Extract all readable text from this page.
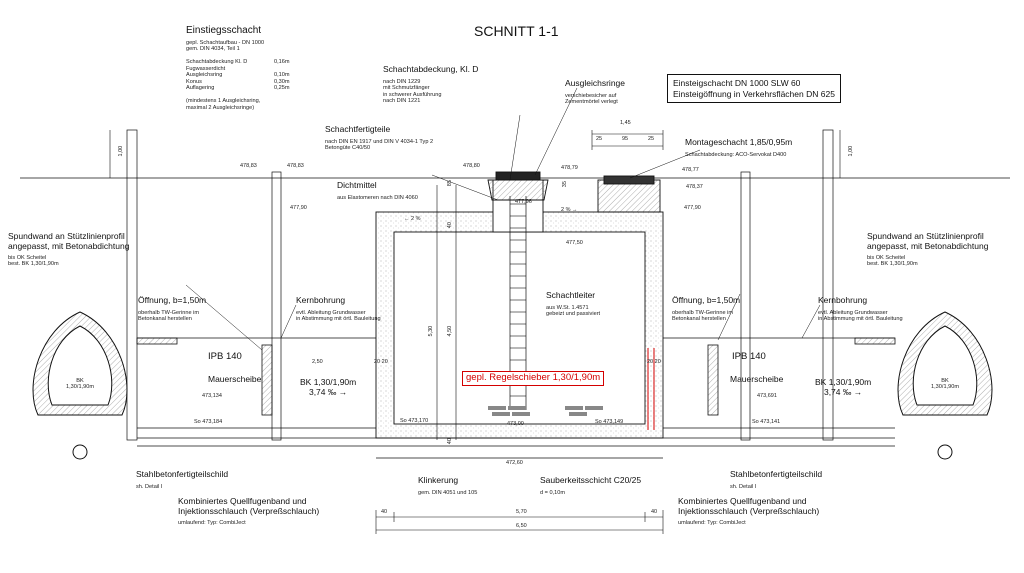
SCHNITT 1-1
Einsteigschacht DN 1000 SLW 60
Einsteigöffnung in Verkehrsflächen DN 625
Einstiegsschacht
gepl. Schachtaufbau - DN 1000
gem. DIN 4034, Teil 1
Schachtabdeckung Kl. D	0,16m
Fugwasserdicht
Ausgleichsring	0,10m
Konus	0,30m
Auflagering	0,25m
(mindestens 1 Ausgleichsring,
maximal 2 Ausgleichsringe)
Schachtabdeckung, Kl. D
nach DIN 1229
mit Schmutzfänger
in schwerer Ausführung
nach DIN 1221
Ausgleichsringe
verschiebesicher auf
Zementmörtel verlegt
Schachtfertigteile
nach DIN EN 1917 und DIN V 4034-1 Typ 2
Betongüte C40/50
Montageschacht 1,85/0,95m
Schachtabdeckung: ACO-Servokat D400
Dichtmittel
aus Elastomeren nach DIN 4060
Spundwand an Stützlinienprofil
angepasst, mit Betonabdichtung
bis OK Scheitel
best. BK 1,30/1,90m
Spundwand an Stützlinienprofil
angepasst, mit Betonabdichtung
bis OK Scheitel
best. BK 1,30/1,90m
Öffnung, b=1,50m
oberhalb TW-Gerinne im
Betonkanal herstellen
Öffnung, b=1,50m
oberhalb TW-Gerinne im
Betonkanal herstellen
Kernbohrung
evtl. Ableitung Grundwasser
in Abstimmung mit örtl. Bauleitung
Kernbohrung
evtl. Ableitung Grundwasser
in Abstimmung mit örtl. Bauleitung
Schachtleiter
aus W.St. 1.4571
gebeizt und passiviert
gepl. Regelschieber 1,30/1,90m
IPB 140	IPB 140
Mauerscheibe	Mauerscheibe
BK 1,30/1,90m
3,74 ‰ →
BK 1,30/1,90m
3,74 ‰ →
BK
1,30/1,90m
BK
1,30/1,90m
Stahlbetonfertigteilschild
sh. Detail I
Stahlbetonfertigteilschild
sh. Detail I
Kombiniertes Quellfugenband und
Injektionsschlauch (Verpreßschlauch)
umlaufend: Typ: CombiJect
Kombiniertes Quellfugenband und
Injektionsschlauch (Verpreßschlauch)
umlaufend: Typ: CombiJect
Klinkerung
gem. DIN 4051 und 105
Sauberkeitsschicht C20/25
d = 0,10m
478,83	478,83	478,80	478,79	478,77
477,90
477,96
477,90
478,37
477,50
473,134	473,691
So 473,184	So 473,170	So 473,149	So 473,141
473,00
472,60
1,00	1,00
1,45
25	95	25
2,50	20 20	20 20
5,70
40	40
6,50
5,30 4,50
40
40
85	35
← 2 %
2 % →
